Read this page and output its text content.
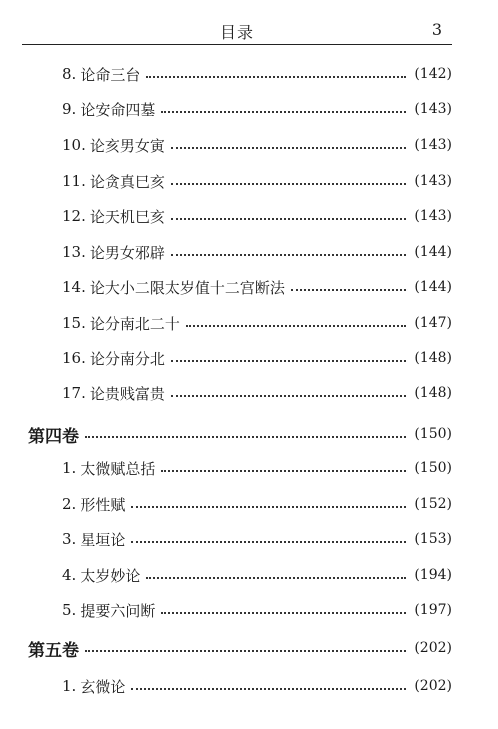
目录	3
8. 论命三台	(142)
9. 论安命四墓	(143)
10. 论亥男女寅	(143)
11. 论贪真巳亥	(143)
12. 论天机巳亥	(143)
13. 论男女邪辟	(144)
14. 论大小二限太岁值十二宫断法	(144)
15. 论分南北二十	(147)
16. 论分南分北	(148)
17. 论贵贱富贵	(148)
第四卷	(150)
1. 太微赋总括	(150)
2. 形性赋	(152)
3. 星垣论	(153)
4. 太岁妙论	(194)
5. 提要六问断	(197)
第五卷	(202)
1. 玄微论	(202)
